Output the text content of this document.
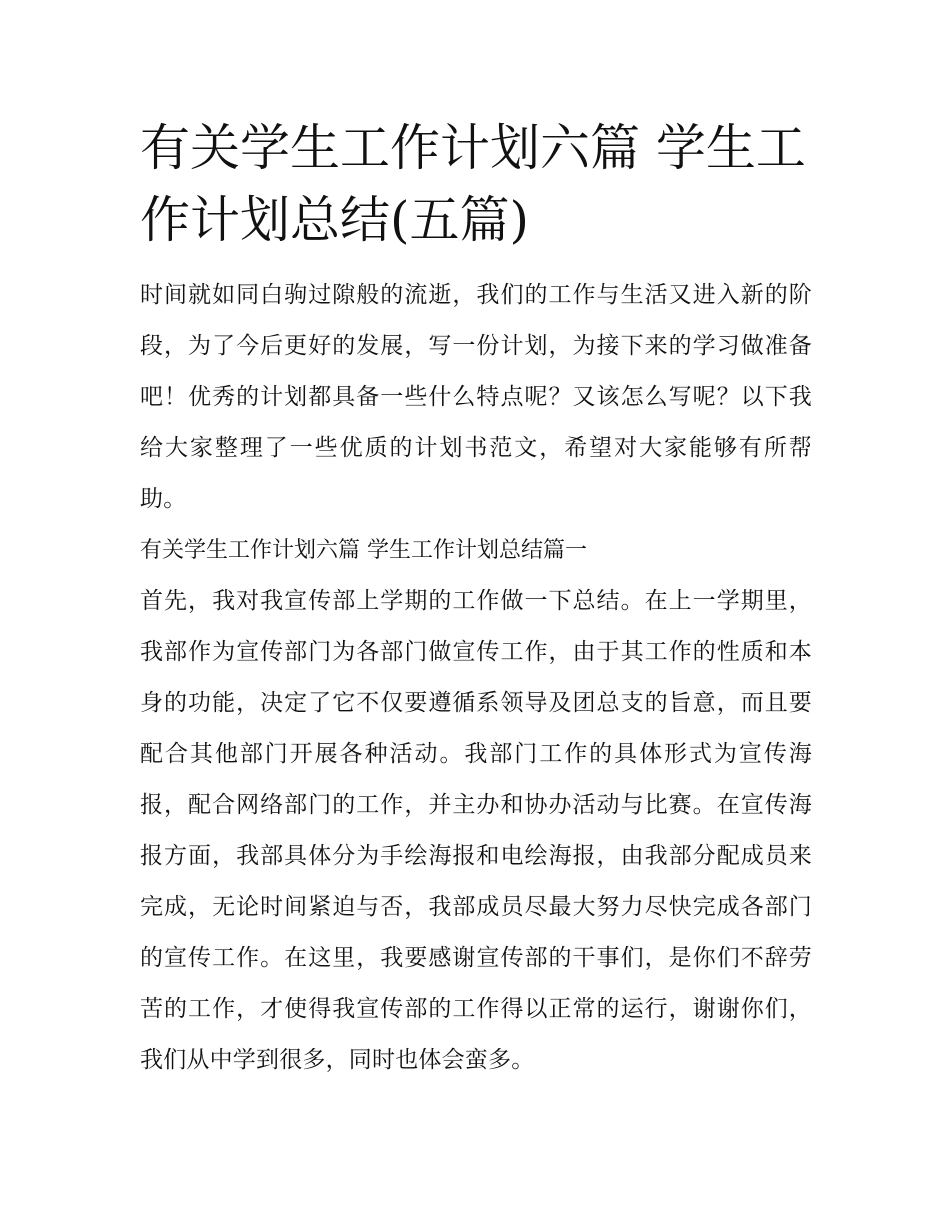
有关学生工作计划六篇 学生工作计划总结(五篇)

时间就如同白驹过隙般的流逝，我们的工作与生活又进入新的阶段，为了今后更好的发展，写一份计划，为接下来的学习做准备吧！优秀的计划都具备一些什么特点呢？又该怎么写呢？以下我给大家整理了一些优质的计划书范文，希望对大家能够有所帮助。

有关学生工作计划六篇 学生工作计划总结篇一

首先，我对我宣传部上学期的工作做一下总结。在上一学期里，我部作为宣传部门为各部门做宣传工作，由于其工作的性质和本身的功能，决定了它不仅要遵循系领导及团总支的旨意，而且要配合其他部门开展各种活动。我部门工作的具体形式为宣传海报，配合网络部门的工作，并主办和协办活动与比赛。在宣传海报方面，我部具体分为手绘海报和电绘海报，由我部分配成员来完成，无论时间紧迫与否，我部成员尽最大努力尽快完成各部门的宣传工作。在这里，我要感谢宣传部的干事们，是你们不辞劳苦的工作，才使得我宣传部的工作得以正常的运行，谢谢你们，我们从中学到很多，同时也体会蛮多。
